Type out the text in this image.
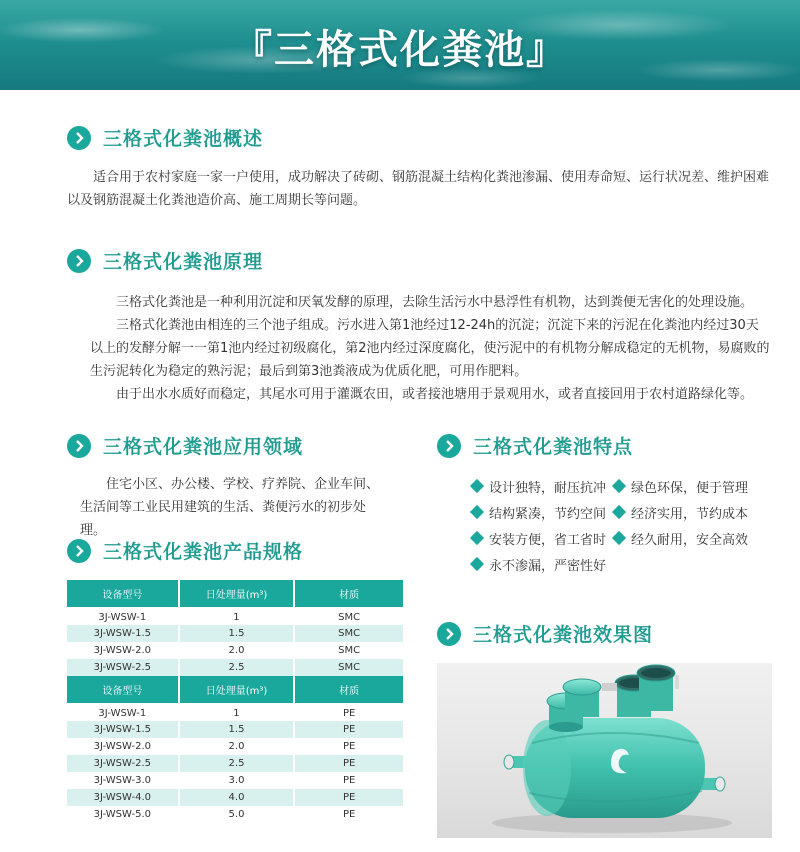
『三格式化粪池』
三格式化粪池概述

适合用于农村家庭一家一户使用，成功解决了砖砌、钢筋混凝土结构化粪池渗漏、使用寿命短、运行状况差、维护困难以及钢筋混凝土化粪池造价高、施工周期长等问题。

三格式化粪池原理

三格式化粪池是一种利用沉淀和厌氧发酵的原理，去除生活污水中悬浮性有机物，达到粪便无害化的处理设施。

三格式化粪池由相连的三个池子组成。污水进入第1池经过12-24h的沉淀；沉淀下来的污泥在化粪池内经过30天以上的发酵分解一一第1池内经过初级腐化，第2池内经过深度腐化，使污泥中的有机物分解成稳定的无机物，易腐败的生污泥转化为稳定的熟污泥；最后到第3池粪液成为优质化肥，可用作肥料。

由于出水水质好而稳定，其尾水可用于灌溉农田，或者接池塘用于景观用水，或者直接回用于农村道路绿化等。

三格式化粪池应用领域

住宅小区、办公楼、学校、疗养院、企业车间、生活间等工业民用建筑的生活、粪便污水的初步处理。

三格式化粪池特点
设计独特，耐压抗冲 绿色环保，便于管理
结构紧凑，节约空间 经济实用，节约成本
安装方便，省工省时 经久耐用，安全高效
永不渗漏，严密性好
三格式化粪池产品规格
设备型号	日处理量(m³)	材质
3J-WSW-1	1	SMC
3J-WSW-1.5	1.5	SMC
3J-WSW-2.0	2.0	SMC
3J-WSW-2.5	2.5	SMC
设备型号	日处理量(m³)	材质
3J-WSW-1	1	PE
3J-WSW-1.5	1.5	PE
3J-WSW-2.0	2.0	PE
3J-WSW-2.5	2.5	PE
3J-WSW-3.0	3.0	PE
3J-WSW-4.0	4.0	PE
3J-WSW-5.0	5.0	PE
三格式化粪池效果图
